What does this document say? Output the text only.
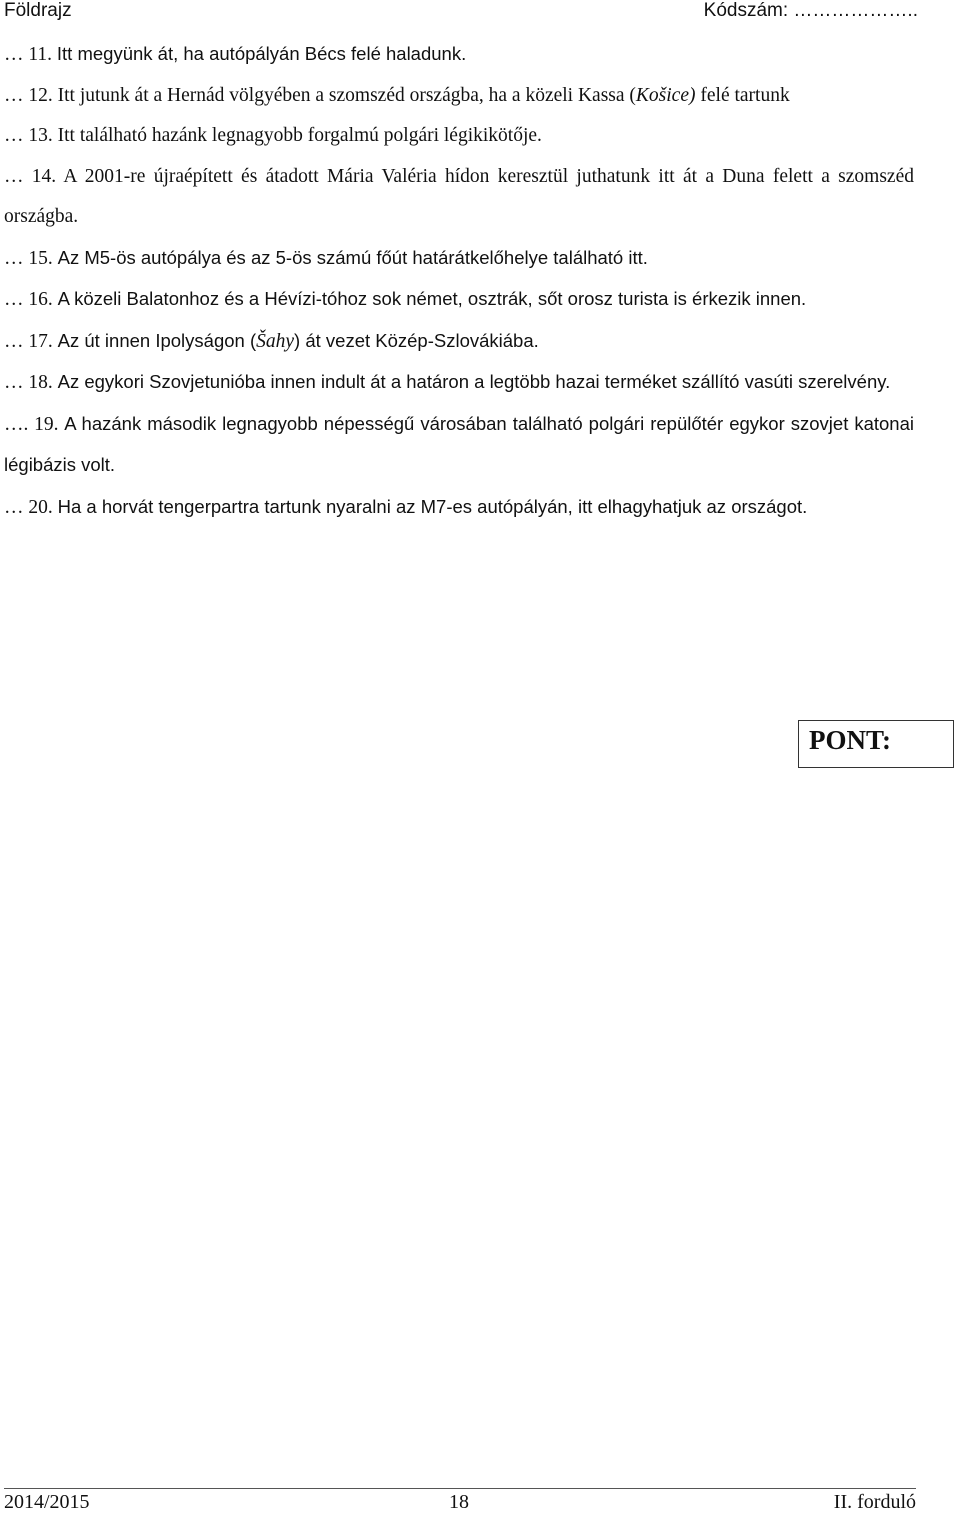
Földrajz	Kódszám: ………………..

… 11. Itt megyünk át, ha autópályán Bécs felé haladunk.

… 12. Itt jutunk át a Hernád völgyében a szomszéd országba, ha a közeli Kassa (Košice) felé tartunk

… 13. Itt található hazánk legnagyobb forgalmú polgári légikikötője.

… 14. A 2001-re újraépített és átadott Mária Valéria hídon keresztül juthatunk itt át a Duna felett a szomszéd országba.

… 15. Az M5-ös autópálya és az 5-ös számú főút határátkelőhelye található itt.

… 16. A közeli Balatonhoz és a Hévízi-tóhoz sok német, osztrák, sőt orosz turista is érkezik innen.

… 17. Az út innen Ipolyságon (Šahy) át vezet Közép-Szlovákiába.

… 18. Az egykori Szovjetunióba innen indult át a határon a legtöbb hazai terméket szállító vasúti szerelvény.

…. 19. A hazánk második legnagyobb népességű városában található polgári repülőtér egykor szovjet katonai légibázis volt.

… 20. Ha a horvát tengerpartra tartunk nyaralni az M7-es autópályán, itt elhagyhatjuk az országot.

PONT:
2014/2015	18	II. forduló
